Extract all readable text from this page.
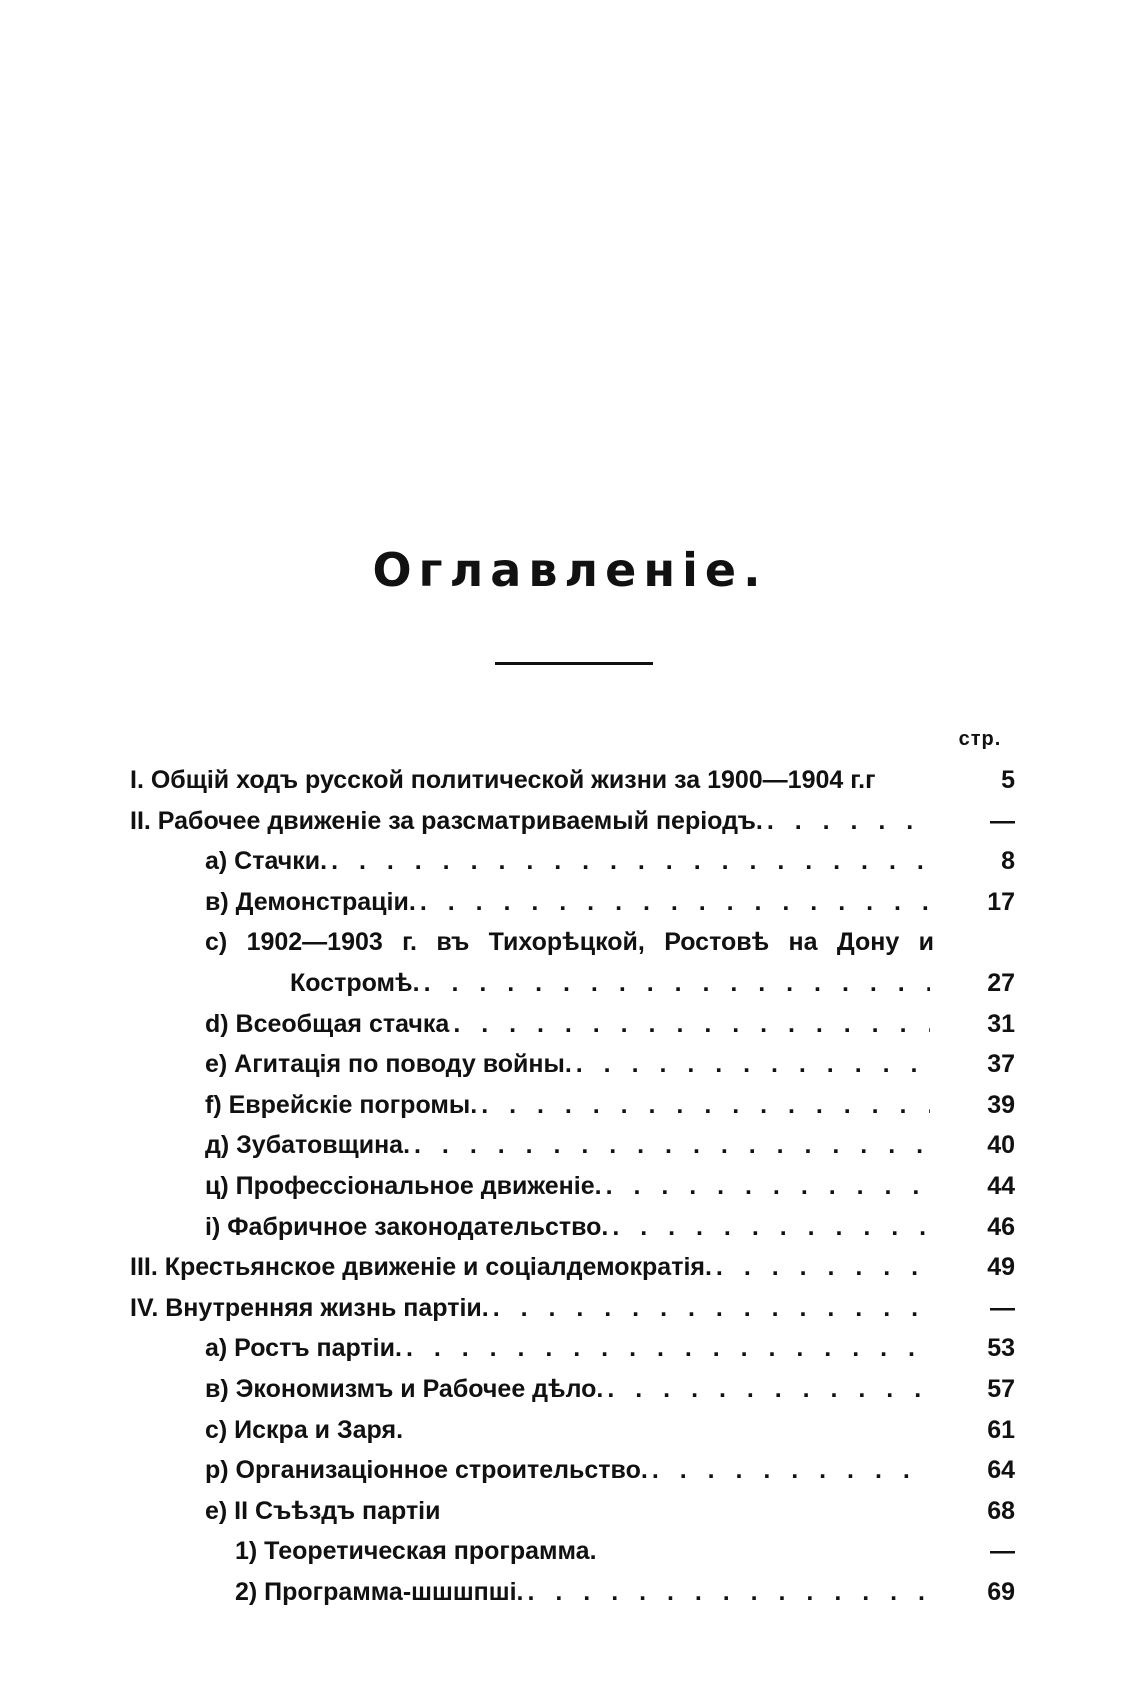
Оглавленіе.
стр.
I. Общій ходъ русской политической жизни за 1900—1904 г.г	5
II. Рабочее движеніе за разсматриваемый періодъ. . . .	—
а) Стачки. . . .	8
в) Демонстраціи. . . .	17
с) 1902—1903 г. въ Тихорѣцкой, Ростовѣ на Дону и
Костромѣ. . . .	27
d) Всеобщая стачка . . .	31
е) Агитація по поводу войны. . . .	37
f) Еврейскіе погромы. . . .	39
д) Зубатовщина. . . .	40
ц) Профессіональное движеніе. . . .	44
і) Фабричное законодательство. . . .	46
III. Крестьянское движеніе и соціалдемократія. . . .	49
IV. Внутренняя жизнь партіи. . . .	—
а) Ростъ партіи. . . .	53
в) Экономизмъ и Рабочее дѣло. . . .	57
с) Искра и Заря.	61
р) Организаціонное строительство. . . .	64
е) II Съѣздъ партіи	68
1) Теоретическая программа.	—
2) Программа-шшшпші. . . .	69
